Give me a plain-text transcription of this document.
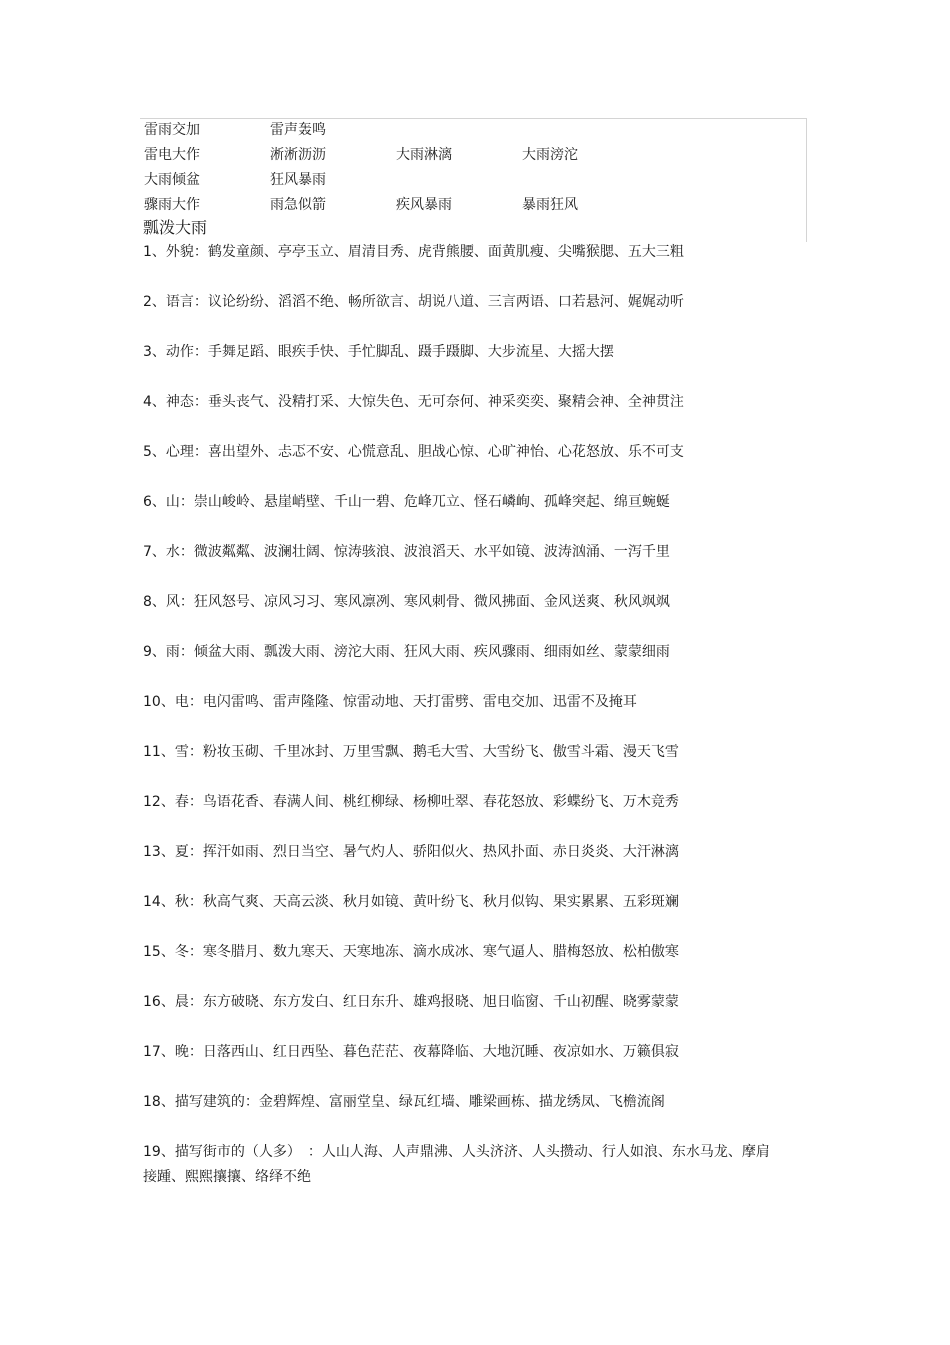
雷雨交加	雷声轰鸣
雷电大作	淅淅沥沥	大雨淋漓	大雨滂沱
大雨倾盆	狂风暴雨
骤雨大作	雨急似箭	疾风暴雨	暴雨狂风
瓢泼大雨
1、外貌：鹤发童颜、亭亭玉立、眉清目秀、虎背熊腰、面黄肌瘦、尖嘴猴腮、五大三粗
2、语言：议论纷纷、滔滔不绝、畅所欲言、胡说八道、三言两语、口若悬河、娓娓动听
3、动作：手舞足蹈、眼疾手快、手忙脚乱、蹑手蹑脚、大步流星、大摇大摆
4、神态：垂头丧气、没精打采、大惊失色、无可奈何、神采奕奕、聚精会神、全神贯注
5、心理：喜出望外、忐忑不安、心慌意乱、胆战心惊、心旷神怡、心花怒放、乐不可支
6、山：崇山峻岭、悬崖峭壁、千山一碧、危峰兀立、怪石嶙峋、孤峰突起、绵亘蜿蜒
7、水：微波粼粼、波澜壮阔、惊涛骇浪、波浪滔天、水平如镜、波涛汹涌、一泻千里
8、风：狂风怒号、凉风习习、寒风凛冽、寒风刺骨、微风拂面、金风送爽、秋风飒飒
9、雨：倾盆大雨、瓢泼大雨、滂沱大雨、狂风大雨、疾风骤雨、细雨如丝、蒙蒙细雨
10、电：电闪雷鸣、雷声隆隆、惊雷动地、天打雷劈、雷电交加、迅雷不及掩耳
11、雪：粉妆玉砌、千里冰封、万里雪飘、鹅毛大雪、大雪纷飞、傲雪斗霜、漫天飞雪
12、春：鸟语花香、春满人间、桃红柳绿、杨柳吐翠、春花怒放、彩蝶纷飞、万木竞秀
13、夏：挥汗如雨、烈日当空、暑气灼人、骄阳似火、热风扑面、赤日炎炎、大汗淋漓
14、秋：秋高气爽、天高云淡、秋月如镜、黄叶纷飞、秋月似钩、果实累累、五彩斑斓
15、冬：寒冬腊月、数九寒天、天寒地冻、滴水成冰、寒气逼人、腊梅怒放、松柏傲寒
16、晨：东方破晓、东方发白、红日东升、雄鸡报晓、旭日临窗、千山初醒、晓雾蒙蒙
17、晚：日落西山、红日西坠、暮色茫茫、夜幕降临、大地沉睡、夜凉如水、万籁俱寂
18、描写建筑的：金碧辉煌、富丽堂皇、绿瓦红墙、雕梁画栋、描龙绣凤、飞檐流阁
19、描写街市的（人多）　：人山人海、人声鼎沸、人头济济、人头攒动、行人如浪、东水马龙、摩肩接踵、熙熙攘攘、络绎不绝
